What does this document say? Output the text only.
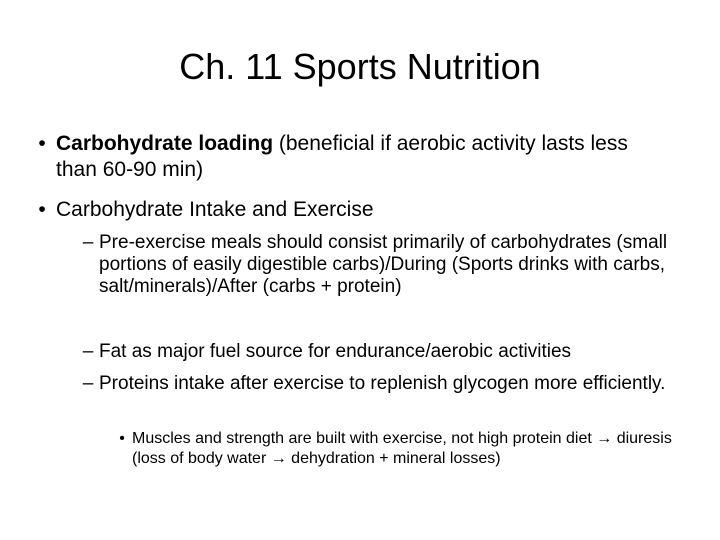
Ch. 11 Sports Nutrition
• Carbohydrate loading (beneficial if aerobic activity lasts less than 60-90 min)
• Carbohydrate Intake and Exercise
– Pre-exercise meals should consist primarily of carbohydrates (small portions of easily digestible carbs)/During (Sports drinks with carbs, salt/minerals)/After (carbs + protein)
– Fat as major fuel source for endurance/aerobic activities
– Proteins intake after exercise to replenish glycogen more efficiently.
• Muscles and strength are built with exercise, not high protein diet → diuresis (loss of body water → dehydration + mineral losses)
